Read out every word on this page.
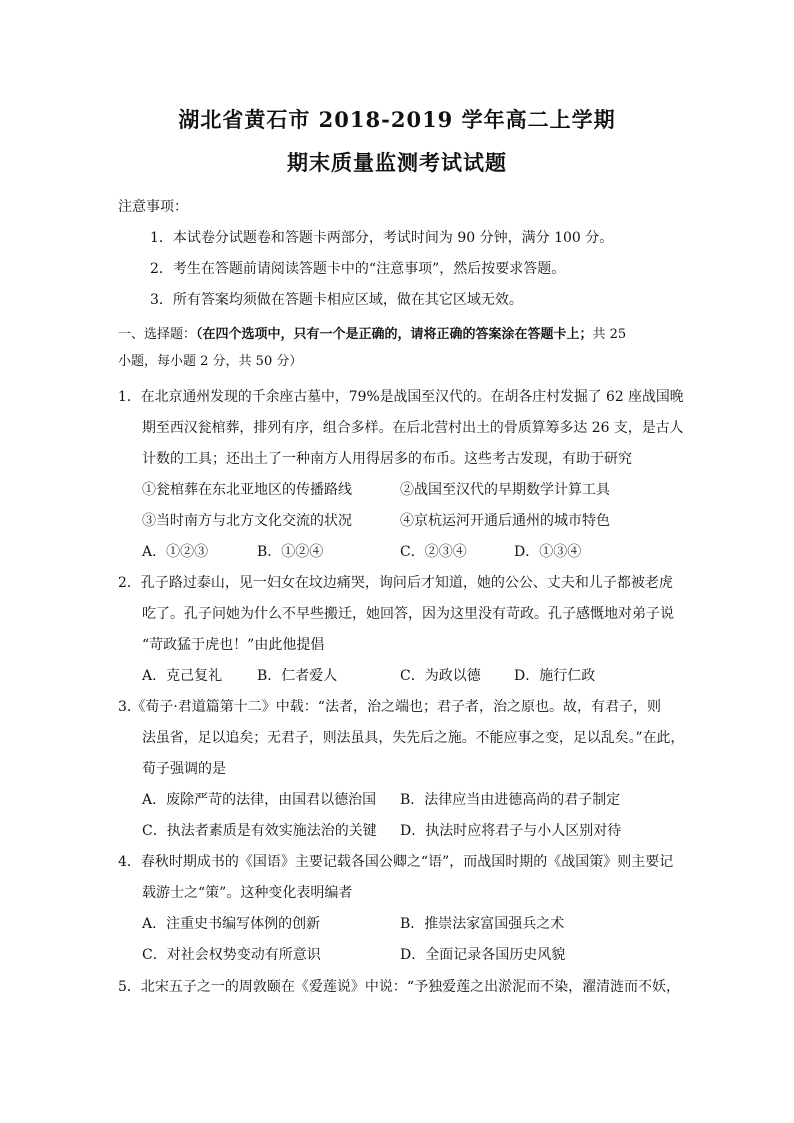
湖北省黄石市 2018-2019 学年高二上学期
期末质量监测考试试题
注意事项：
1．本试卷分试题卷和答题卡两部分，考试时间为 90 分钟，满分 100 分。
2．考生在答题前请阅读答题卡中的“注意事项”，然后按要求答题。
3．所有答案均须做在答题卡相应区域，做在其它区域无效。
一、选择题：（在四个选项中，只有一个是正确的，请将正确的答案涂在答题卡上；共 25
小题，每小题 2 分，共 50 分）
1．在北京通州发现的千余座古墓中，79%是战国至汉代的。在胡各庄村发掘了 62 座战国晚
期至西汉瓮棺葬，排列有序，组合多样。在后北营村出土的骨质算筹多达 26 支，是古人
计数的工具；还出土了一种南方人用得居多的布币。这些考古发现，有助于研究
①瓮棺葬在东北亚地区的传播路线	②战国至汉代的早期数学计算工具
③当时南方与北方文化交流的状况	④京杭运河开通后通州的城市特色
A．①②③	B．①②④	C．②③④	D．①③④
2．孔子路过泰山，见一妇女在坟边痛哭，询问后才知道，她的公公、丈夫和儿子都被老虎
吃了。孔子问她为什么不早些搬迁，她回答，因为这里没有苛政。孔子感慨地对弟子说
“苛政猛于虎也！”由此他提倡
A．克己复礼 B．仁者爱人	C．为政以德 D．施行仁政
3.《荀子·君道篇第十二》中载：“法者，治之端也；君子者，治之原也。故，有君子，则
法虽省，足以追矣；无君子，则法虽具，失先后之施。不能应事之变，足以乱矣。”在此，
荀子强调的是
A．废除严苛的法律，由国君以德治国 B．法律应当由进德高尚的君子制定
C．执法者素质是有效实施法治的关键 D．执法时应将君子与小人区别对待
4．春秋时期成书的《国语》主要记载各国公卿之“语”，而战国时期的《战国策》则主要记
载游士之“策”。这种变化表明编者
A．注重史书编写体例的创新	B．推崇法家富国强兵之术
C．对社会权势变动有所意识	D．全面记录各国历史风貌
5．北宋五子之一的周敦颐在《爱莲说》中说：“予独爱莲之出淤泥而不染，濯清涟而不妖，
